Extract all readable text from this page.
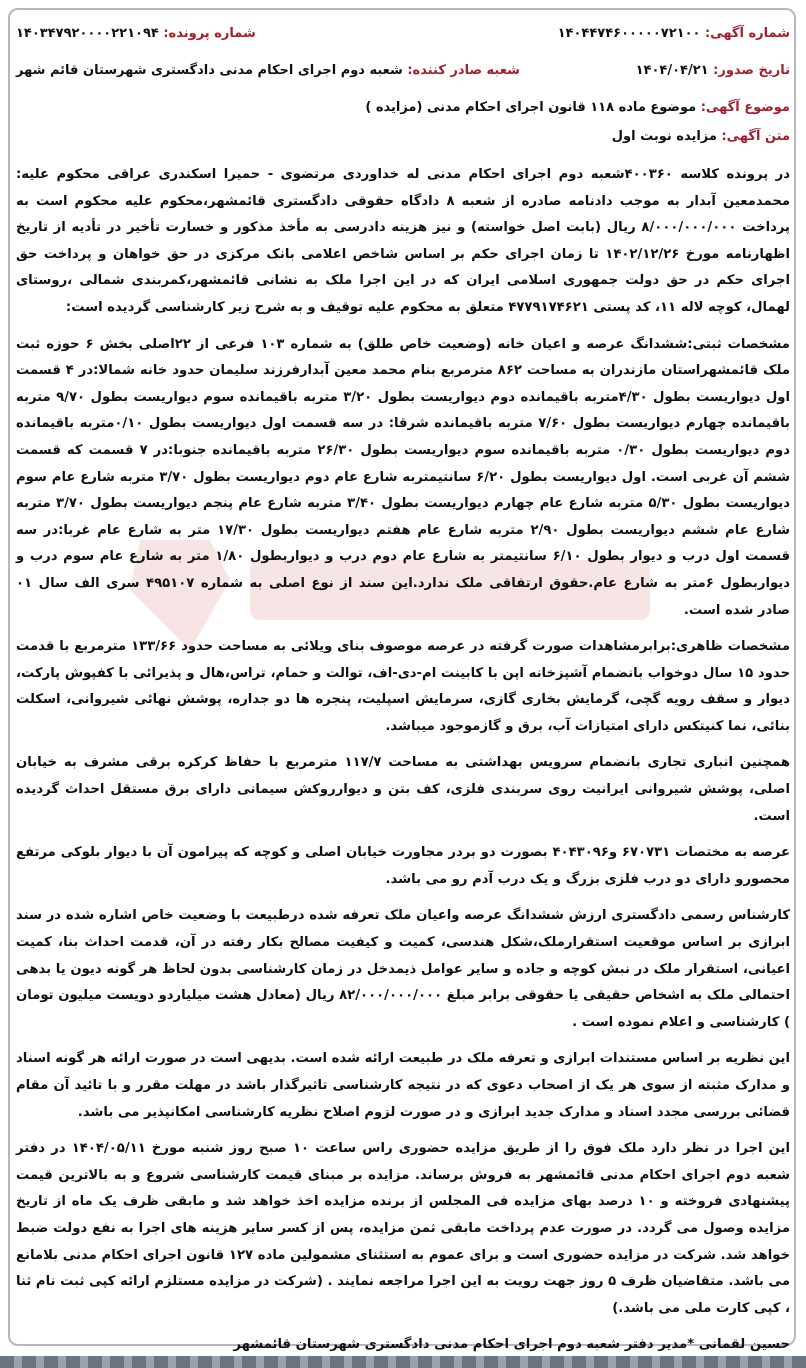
شماره آگهی: ۱۴۰۴۴۷۴۶۰۰۰۰۰۷۲۱۰۰
شماره پرونده: ۱۴۰۳۴۷۹۲۰۰۰۰۲۲۱۰۹۴
تاریخ صدور: ۱۴۰۴/۰۴/۲۱
شعبه صادر کننده: شعبه دوم اجرای احکام مدنی دادگستری شهرستان قائم شهر
موضوع آگهی: موضوع ماده ۱۱۸ قانون اجرای احکام مدنی (مزایده )
متن آگهی: مزایده نوبت اول

در پرونده کلاسه ۴۰۰۳۶۰شعبه دوم اجرای احکام مدنی له خداوردی مرتضوی - حمیرا اسکندری عراقی محکوم علیه: محمدمعین آبدار به موجب دادنامه صادره از شعبه ۸ دادگاه حقوقی دادگستری قائمشهر،محکوم علیه محکوم است به پرداخت ۸/۰۰۰/۰۰۰/۰۰۰ ریال (بابت اصل خواسته) و نیز هزینه دادرسی به مأخذ مذکور و خسارت تأخیر در تأدیه از تاریخ اظهارنامه مورخ ۱۴۰۲/۱۲/۲۶ تا زمان اجرای حکم بر اساس شاخص اعلامی بانک مرکزی در حق خواهان و پرداخت حق اجرای حکم در حق دولت جمهوری اسلامی ایران که در این اجرا ملک به نشانی قائمشهر،کمربندی شمالی ،روستای لهمال، کوچه لاله ۱۱، کد پستی ۴۷۷۹۱۷۴۶۲۱ متعلق به محکوم علیه توقیف و به شرح زیر کارشناسی گردیده است:

مشخصات ثبتی:ششدانگ عرصه و اعیان خانه (وضعیت خاص طلق) به شماره ۱۰۳ فرعی از ۲۲اصلی بخش ۶ حوزه ثبت ملک قائمشهراستان مازندران به مساحت ۸۶۲ مترمربع بنام محمد معین آبدارفرزند سلیمان حدود خانه شمالا:در ۴ قسمت اول دیواریست بطول ۴/۳۰متربه باقیمانده دوم دیواریست بطول ۳/۲۰ متربه باقیمانده سوم دیواریست بطول ۹/۷۰ متربه باقیمانده چهارم دیواریست بطول ۷/۶۰ متربه باقیمانده شرقا: در سه قسمت اول دیواریست بطول ۰/۱۰متربه باقیمانده دوم دیواریست بطول ۰/۳۰ متربه باقیمانده سوم دیواریست بطول ۲۶/۳۰ متربه باقیمانده جنوبا:در ۷ قسمت که قسمت ششم آن غربی است. اول دیواریست بطول ۶/۲۰ سانتیمتربه شارع عام دوم دیواریست بطول ۳/۷۰ متربه شارع عام سوم دیواریست بطول ۵/۳۰ متربه شارع عام چهارم دیواریست بطول ۳/۴۰ متربه شارع عام پنجم دیواریست بطول ۳/۷۰ متربه شارع عام ششم دیواریست بطول ۲/۹۰ متربه شارع عام هفتم دیواریست بطول ۱۷/۳۰ متر به شارع عام غربا:در سه قسمت اول درب و دیوار بطول ۶/۱۰ سانتیمتر به شارع عام دوم درب و دیواربطول ۱/۸۰ متر به شارع عام سوم درب و دیواربطول ۶متر به شارع عام.حقوق ارتفاقی ملک ندارد.این سند از نوع اصلی به شماره ۴۹۵۱۰۷ سری الف سال ۰۱ صادر شده است.

مشخصات ظاهری:برابرمشاهدات صورت گرفته در عرصه موصوف بنای ویلائی به مساحت حدود ۱۳۳/۶۶ مترمربع با قدمت حدود ۱۵ سال دوخواب بانضمام آشپزخانه اپن با کابینت ام-دی-اف، توالت و حمام، تراس،هال و پذیرائی با کفپوش پارکت، دیوار و سقف رویه گچی، گرمایش بخاری گازی، سرمایش اسپلیت، پنجره ها دو جداره، پوشش نهائی شیروانی، اسکلت بنائی، نما کنیتکس دارای امتیازات آب، برق و گازموجود میباشد.

همچنین انباری تجاری بانضمام سرویس بهداشتی به مساحت ۱۱۷/۷ مترمربع با حفاظ کرکره برقی مشرف به خیابان اصلی، پوشش شیروانی ایرانیت روی سربندی فلزی، کف بتن و دیوارروکش سیمانی دارای برق مستقل احداث گردیده است.

عرصه به مختصات ۶۷۰۷۳۱ و۴۰۴۳۰۹۶ بصورت دو بردر مجاورت خیابان اصلی و کوچه که پیرامون آن با دیوار بلوکی مرتفع محصورو دارای دو درب فلزی بزرگ و یک درب آدم رو می باشد.

کارشناس رسمی دادگستری ارزش ششدانگ عرصه واعیان ملک تعرفه شده درطبیعت با وضعیت خاص اشاره شده در سند ابرازی بر اساس موقعیت استقرارملک،شکل هندسی، کمیت و کیفیت مصالح بکار رفته در آن، قدمت احداث بنا، کمیت اعیانی، استقرار ملک در نبش کوچه و جاده و سایر عوامل ذیمدخل در زمان کارشناسی بدون لحاظ هر گونه دیون یا بدهی احتمالی ملک به اشخاص حقیقی یا حقوقی برابر مبلغ ۸۲/۰۰۰/۰۰۰/۰۰۰ ریال (معادل هشت میلیاردو دویست میلیون تومان ) کارشناسی و اعلام نموده است .

این نظریه بر اساس مستندات ابرازی و تعرفه ملک در طبیعت ارائه شده است. بدیهی است در صورت ارائه هر گونه اسناد و مدارک مثبته از سوی هر یک از اصحاب دعوی که در نتیجه کارشناسی تاثیرگذار باشد در مهلت مقرر و با تائید آن مقام قضائی بررسی مجدد اسناد و مدارک جدید ابرازی و در صورت لزوم اصلاح نظریه کارشناسی امکانپذیر می باشد.

این اجرا در نظر دارد ملک فوق را از طریق مزایده حضوری راس ساعت ۱۰ صبح روز شنبه مورخ ۱۴۰۴/۰۵/۱۱ در دفتر شعبه دوم اجرای احکام مدنی قائمشهر به فروش برساند. مزایده بر مبنای قیمت کارشناسی شروع و به بالاترین قیمت پیشنهادی فروخته و ۱۰ درصد بهای مزایده فی المجلس از برنده مزایده اخذ خواهد شد و مابقی ظرف یک ماه از تاریخ مزایده وصول می گردد. در صورت عدم پرداخت مابقی ثمن مزایده، پس از کسر سایر هزینه های اجرا به نفع دولت ضبط خواهد شد. شرکت در مزایده حضوری است و برای عموم به استثنای مشمولین ماده ۱۲۷ قانون اجرای احکام مدنی بلامانع می باشد. متقاضیان ظرف ۵ روز جهت رویت به این اجرا مراجعه نمایند . (شرکت در مزایده مستلزم ارائه کپی ثبت نام ثنا ، کپی کارت ملی می باشد.)

حسین لقمانی *مدیر دفتر شعبه دوم اجرای احکام مدنی دادگستری شهرستان قائمشهر
